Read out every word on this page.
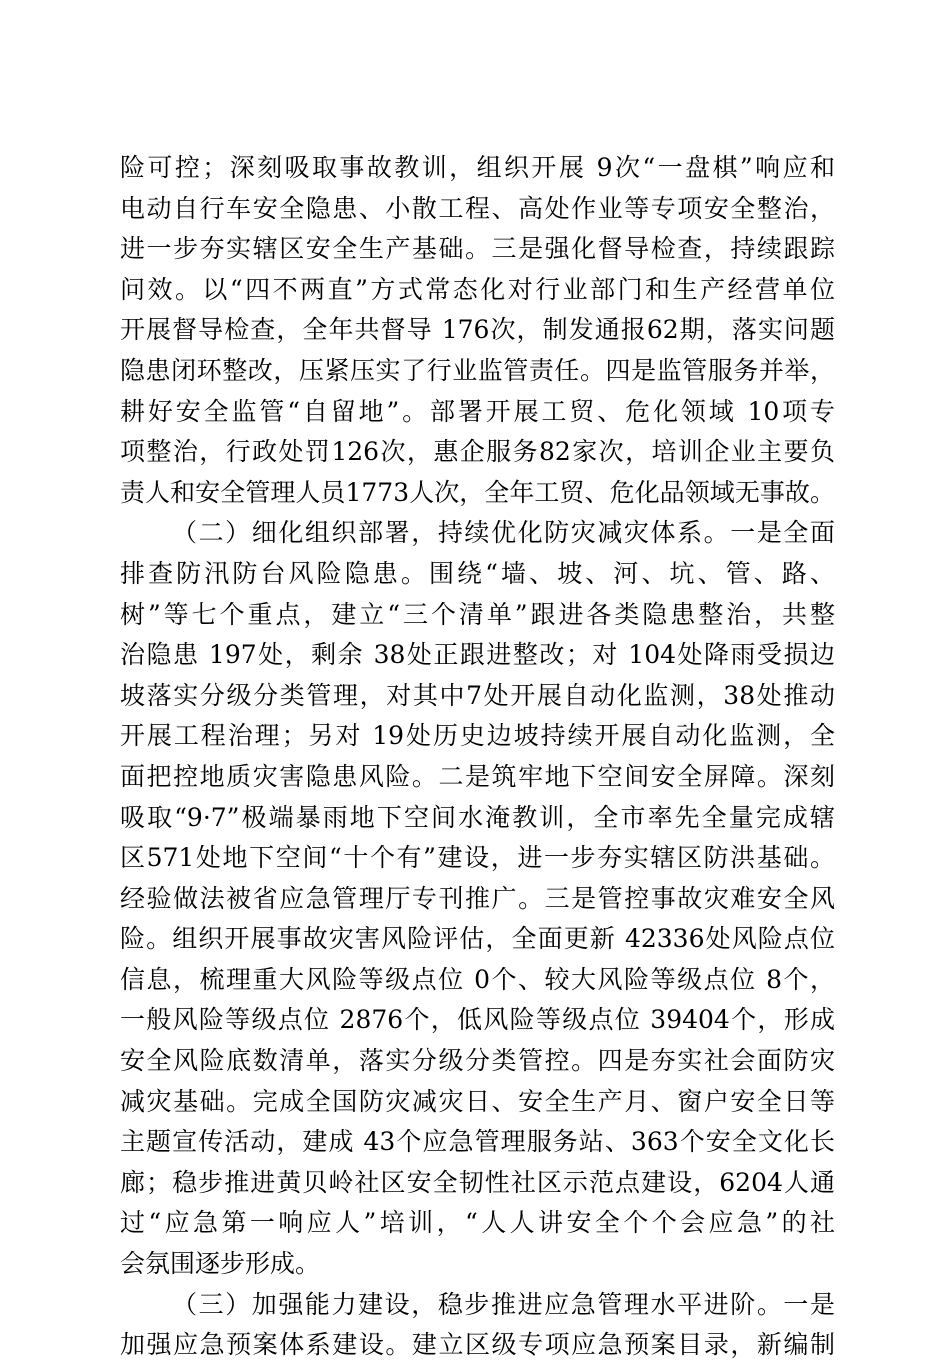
险可控；深刻吸取事故教训，组织开展 9次“一盘棋”响应和
电动自行车安全隐患、小散工程、高处作业等专项安全整治，
进一步夯实辖区安全生产基础。三是强化督导检查，持续跟踪
问效。以“四不两直”方式常态化对行业部门和生产经营单位
开展督导检查，全年共督导 176次，制发通报62期，落实问题
隐患闭环整改，压紧压实了行业监管责任。四是监管服务并举，
耕好安全监管“自留地”。部署开展工贸、危化领域 10项专
项整治，行政处罚126次，惠企服务82家次，培训企业主要负
责人和安全管理人员1773人次，全年工贸、危化品领域无事故。
（二）细化组织部署，持续优化防灾减灾体系。一是全面
排查防汛防台风险隐患。围绕“墙、坡、河、坑、管、路、
树”等七个重点，建立“三个清单”跟进各类隐患整治，共整
治隐患 197处，剩余 38处正跟进整改；对 104处降雨受损边
坡落实分级分类管理，对其中7处开展自动化监测，38处推动
开展工程治理；另对 19处历史边坡持续开展自动化监测，全
面把控地质灾害隐患风险。二是筑牢地下空间安全屏障。深刻
吸取“9·7”极端暴雨地下空间水淹教训，全市率先全量完成辖
区571处地下空间“十个有”建设，进一步夯实辖区防洪基础。
经验做法被省应急管理厅专刊推广。三是管控事故灾难安全风
险。组织开展事故灾害风险评估，全面更新 42336处风险点位
信息，梳理重大风险等级点位 0个、较大风险等级点位 8个，
一般风险等级点位 2876个，低风险等级点位 39404个，形成
安全风险底数清单，落实分级分类管控。四是夯实社会面防灾
减灾基础。完成全国防灾减灾日、安全生产月、窗户安全日等
主题宣传活动，建成 43个应急管理服务站、363个安全文化长
廊；稳步推进黄贝岭社区安全韧性社区示范点建设，6204人通
过“应急第一响应人”培训，“人人讲安全个个会应急”的社
会氛围逐步形成。
（三）加强能力建设，稳步推进应急管理水平进阶。一是
加强应急预案体系建设。建立区级专项应急预案目录，新编制
